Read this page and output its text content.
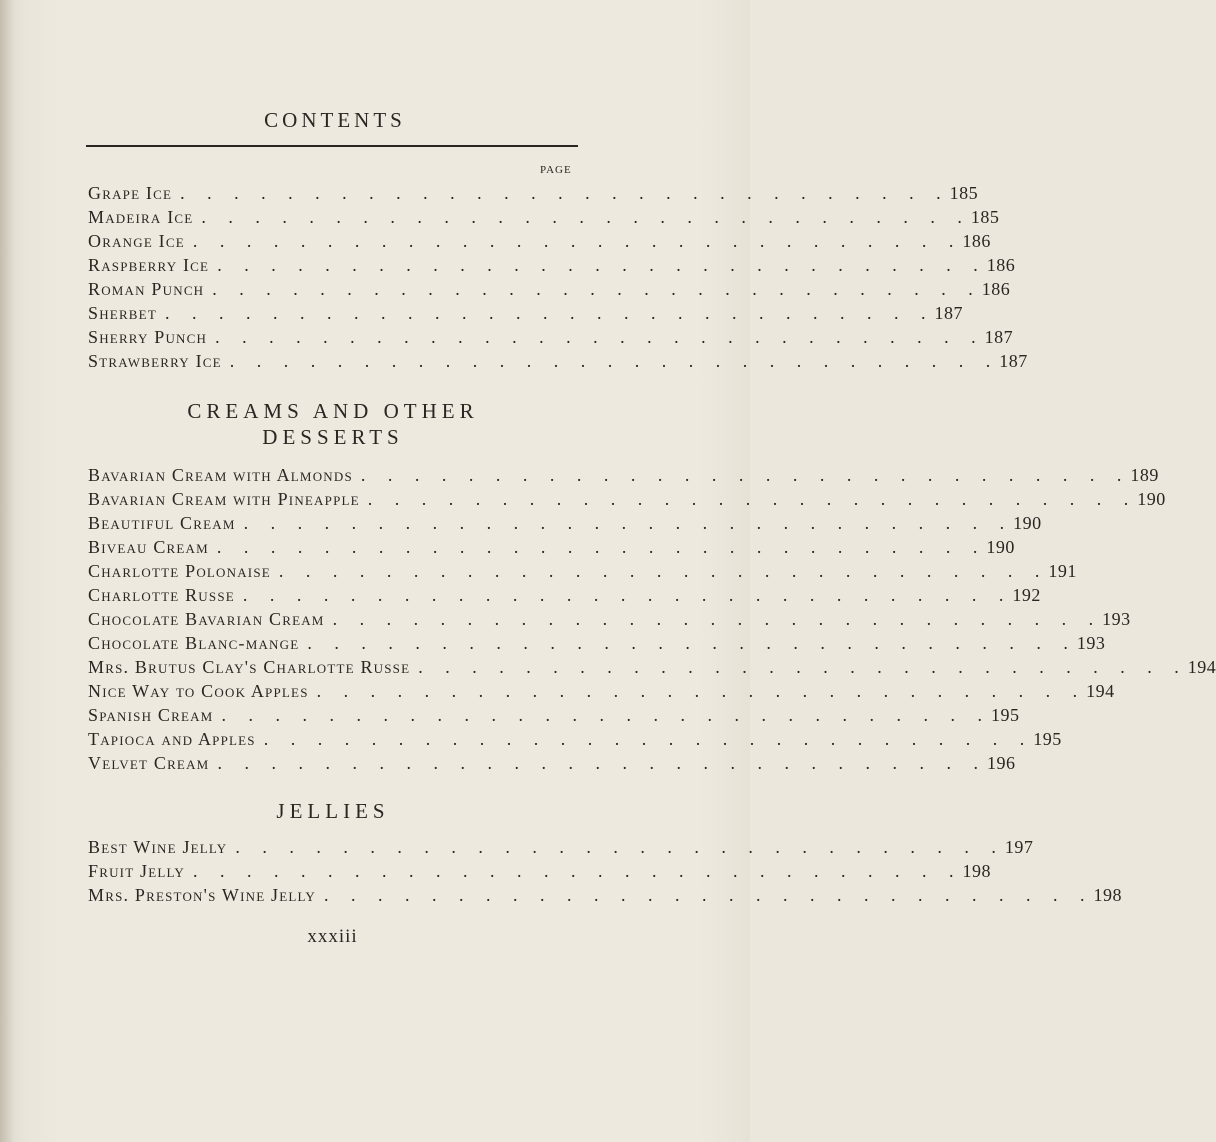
CONTENTS
PAGE
Grape Ice . . . . . . . . . . . . . . . . . . . . . . . . . . . . . 185
Madeira Ice . . . . . . . . . . . . . . . . . . . . . . . . . . . . . 185
Orange Ice . . . . . . . . . . . . . . . . . . . . . . . . . . . . . 186
Raspberry Ice . . . . . . . . . . . . . . . . . . . . . . . . . . . . . 186
Roman Punch . . . . . . . . . . . . . . . . . . . . . . . . . . . . . 186
Sherbet . . . . . . . . . . . . . . . . . . . . . . . . . . . . . 187
Sherry Punch . . . . . . . . . . . . . . . . . . . . . . . . . . . . . 187
Strawberry Ice . . . . . . . . . . . . . . . . . . . . . . . . . . . . . 187
CREAMS AND OTHER
DESSERTS
Bavarian Cream with Almonds . . . . . . . . . . . . . . . . . . . . . . . . . . . . . 189
Bavarian Cream with Pineapple . . . . . . . . . . . . . . . . . . . . . . . . . . . . . 190
Beautiful Cream . . . . . . . . . . . . . . . . . . . . . . . . . . . . . 190
Biveau Cream . . . . . . . . . . . . . . . . . . . . . . . . . . . . . 190
Charlotte Polonaise . . . . . . . . . . . . . . . . . . . . . . . . . . . . . 191
Charlotte Russe . . . . . . . . . . . . . . . . . . . . . . . . . . . . . 192
Chocolate Bavarian Cream . . . . . . . . . . . . . . . . . . . . . . . . . . . . . 193
Chocolate Blanc-mange . . . . . . . . . . . . . . . . . . . . . . . . . . . . . 193
Mrs. Brutus Clay's Charlotte Russe . . . . . . . . . . . . . . . . . . . . . . . . . . . . . 194
Nice Way to Cook Apples . . . . . . . . . . . . . . . . . . . . . . . . . . . . . 194
Spanish Cream . . . . . . . . . . . . . . . . . . . . . . . . . . . . . 195
Tapioca and Apples . . . . . . . . . . . . . . . . . . . . . . . . . . . . . 195
Velvet Cream . . . . . . . . . . . . . . . . . . . . . . . . . . . . . 196
JELLIES
Best Wine Jelly . . . . . . . . . . . . . . . . . . . . . . . . . . . . . 197
Fruit Jelly . . . . . . . . . . . . . . . . . . . . . . . . . . . . . 198
Mrs. Preston's Wine Jelly . . . . . . . . . . . . . . . . . . . . . . . . . . . . . 198
xxxiii
